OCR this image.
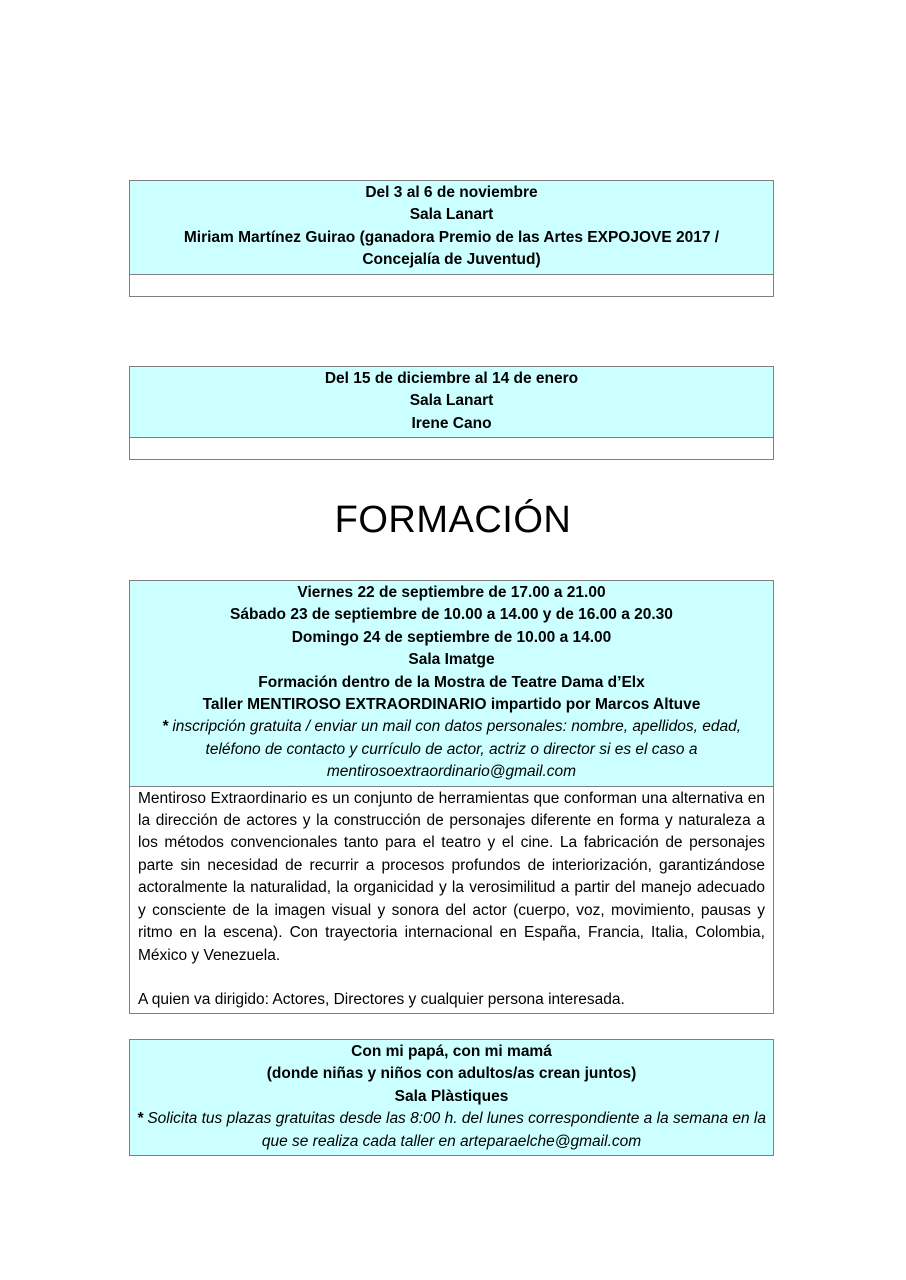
Del 3 al 6 de noviembre
Sala Lanart
Miriam Martínez Guirao (ganadora Premio de las Artes EXPOJOVE 2017 /
Concejalía de Juventud)
Del 15 de diciembre al 14 de enero
Sala Lanart
Irene Cano
FORMACIÓN
Viernes 22 de septiembre de 17.00 a 21.00
Sábado 23 de septiembre de 10.00 a 14.00 y de 16.00 a 20.30
Domingo 24 de septiembre de 10.00 a 14.00
Sala Imatge
Formación dentro de la Mostra de Teatre Dama d’Elx
Taller MENTIROSO EXTRAORDINARIO impartido por Marcos Altuve
* inscripción gratuita / enviar un mail con datos personales: nombre, apellidos, edad, teléfono de contacto y currículo de actor, actriz o director si es el caso a mentirosoextraordinario@gmail.com

Mentiroso Extraordinario es un conjunto de herramientas que conforman una alternativa en la dirección de actores y la construcción de personajes diferente en forma y naturaleza a los métodos convencionales tanto para el teatro y el cine. La fabricación de personajes parte sin necesidad de recurrir a procesos profundos de interiorización, garantizándose actoralmente la naturalidad, la organicidad y la verosimilitud a partir del manejo adecuado y consciente de la imagen visual y sonora del actor (cuerpo, voz, movimiento, pausas y ritmo en la escena). Con trayectoria internacional en España, Francia, Italia, Colombia, México y Venezuela.

A quien va dirigido: Actores, Directores y cualquier persona interesada.

Con mi papá, con mi mamá
(donde niñas y niños con adultos/as crean juntos)
Sala Plàstiques
* Solicita tus plazas gratuitas desde las 8:00 h. del lunes correspondiente a la semana en la que se realiza cada taller en arteparaelche@gmail.com
